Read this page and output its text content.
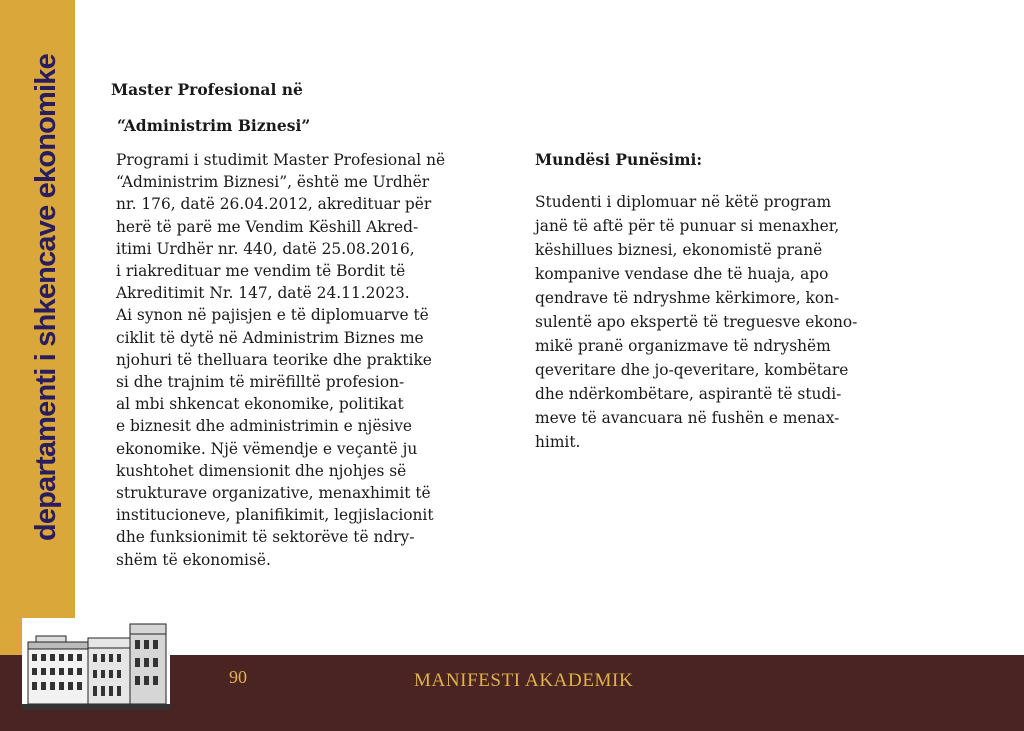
departamenti i shkencave ekonomike	Master Profesional në

“Administrim Biznesi”

Programi i studimit Master Profesional në
“Administrim Biznesi”, është me Urdhër
nr. 176, datë 26.04.2012, akredituar për
herë të parë me Vendim Këshill Akred-
itimi Urdhër nr. 440, datë 25.08.2016,
i riakredituar me vendim të Bordit të
Akreditimit Nr. 147, datë 24.11.2023.
Ai synon në pajisjen e të diplomuarve të
ciklit të dytë në Administrim Biznes me
njohuri të thelluara teorike dhe praktike
si dhe trajnim të mirëfilltë profesion-
al mbi shkencat ekonomike, politikat
e biznesit dhe administrimin e njësive
ekonomike. Një vëmendje e veçantë ju
kushtohet dimensionit dhe njohjes së
strukturave organizative, menaxhimit të
institucioneve, planifikimit, legjislacionit
dhe funksionimit të sektorëve të ndry-
shëm të ekonomisë.

Mundësi Punësimi:

Studenti i diplomuar në këtë program
janë të aftë për të punuar si menaxher,
këshillues biznesi, ekonomistë pranë
kompanive vendase dhe të huaja, apo
qendrave të ndryshme kërkimore, kon-
sulentë apo ekspertë të treguesve ekono-
mikë pranë organizmave të ndryshëm
qeveritare dhe jo-qeveritare, kombëtare
dhe ndërkombëtare, aspirantë të studi-
meve të avancuara në fushën e menax-
himit.

90	MANIFESTI AKADEMIK
